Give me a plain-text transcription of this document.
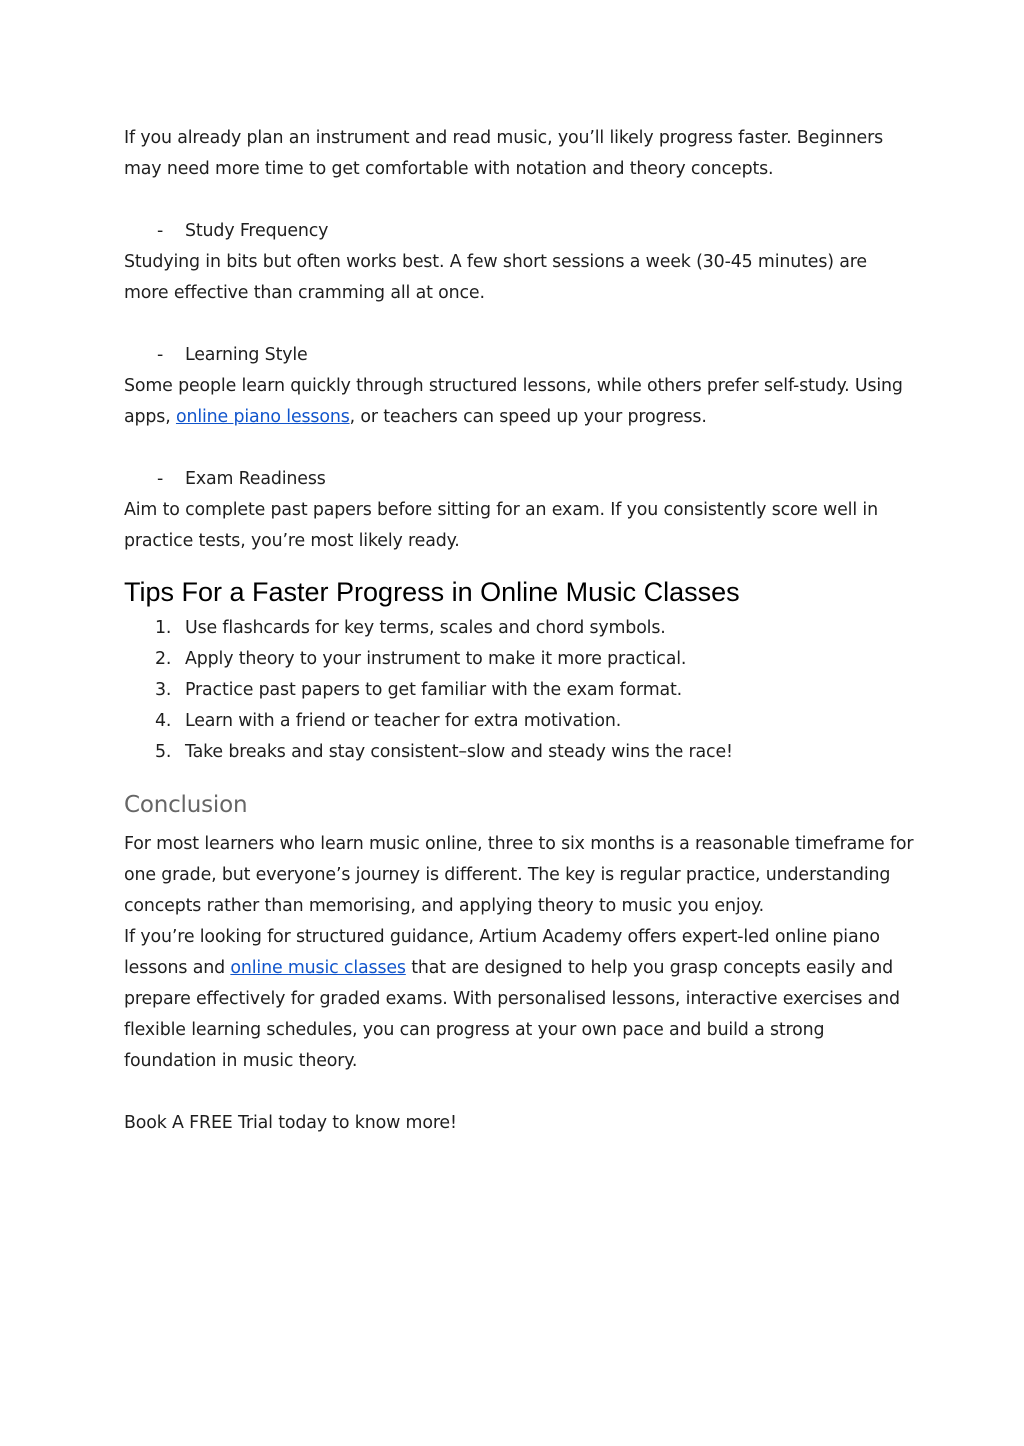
If you already plan an instrument and read music, you’ll likely progress faster. Beginners may need more time to get comfortable with notation and theory concepts.

- Study Frequency

Studying in bits but often works best. A few short sessions a week (30-45 minutes) are more effective than cramming all at once.

- Learning Style

Some people learn quickly through structured lessons, while others prefer self-study. Using apps, online piano lessons, or teachers can speed up your progress.

- Exam Readiness

Aim to complete past papers before sitting for an exam. If you consistently score well in practice tests, you’re most likely ready.

Tips For a Faster Progress in Online Music Classes
1. Use flashcards for key terms, scales and chord symbols.
2. Apply theory to your instrument to make it more practical.
3. Practice past papers to get familiar with the exam format.
4. Learn with a friend or teacher for extra motivation.
5. Take breaks and stay consistent–slow and steady wins the race!
Conclusion

For most learners who learn music online, three to six months is a reasonable timeframe for one grade, but everyone’s journey is different. The key is regular practice, understanding concepts rather than memorising, and applying theory to music you enjoy.

If you’re looking for structured guidance, Artium Academy offers expert-led online piano lessons and online music classes that are designed to help you grasp concepts easily and prepare effectively for graded exams. With personalised lessons, interactive exercises and flexible learning schedules, you can progress at your own pace and build a strong foundation in music theory.

Book A FREE Trial today to know more!
